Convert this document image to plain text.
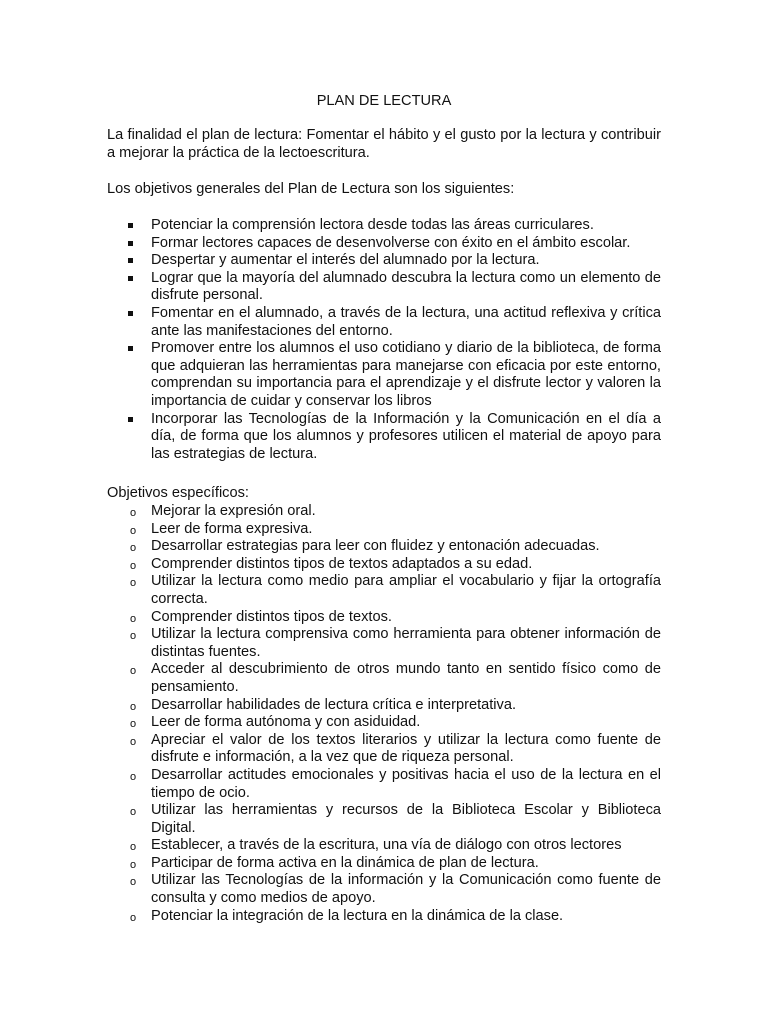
PLAN DE LECTURA

La finalidad el plan de lectura: Fomentar el hábito y el gusto por la lectura y contribuir a mejorar la práctica de la lectoescritura.

Los objetivos generales del Plan de Lectura son los siguientes:

Potenciar la comprensión lectora desde todas las áreas curriculares.
Formar lectores capaces de desenvolverse con éxito en el ámbito escolar.
Despertar y aumentar el interés del alumnado por la lectura.
Lograr que la mayoría del alumnado descubra la lectura como un elemento de disfrute personal.
Fomentar en el alumnado, a través de la lectura, una actitud reflexiva y crítica ante las manifestaciones del entorno.
Promover entre los alumnos el uso cotidiano y diario de la biblioteca, de forma que adquieran las herramientas para manejarse con eficacia por este entorno, comprendan su importancia para el aprendizaje y el disfrute lector y valoren la importancia de cuidar y conservar los libros
Incorporar las Tecnologías de la Información y la Comunicación en el día a día, de forma que los alumnos y profesores utilicen el material de apoyo para las estrategias de lectura.

Objetivos específicos:

o Mejorar la expresión oral.
o Leer de forma expresiva.
o Desarrollar estrategias para leer con fluidez y entonación adecuadas.
o Comprender distintos tipos de textos adaptados a su edad.
o Utilizar la lectura como medio para ampliar el vocabulario y fijar la ortografía correcta.
o Comprender distintos tipos de textos.
o Utilizar la lectura comprensiva como herramienta para obtener información de distintas fuentes.
o Acceder al descubrimiento de otros mundo tanto en sentido físico como de pensamiento.
o Desarrollar habilidades de lectura crítica e interpretativa.
o Leer de forma autónoma y con asiduidad.
o Apreciar el valor de los textos literarios y utilizar la lectura como fuente de disfrute e información, a la vez que de riqueza personal.
o Desarrollar actitudes emocionales y positivas hacia el uso de la lectura en el tiempo de ocio.
o Utilizar las herramientas y recursos de la Biblioteca Escolar y Biblioteca Digital.
o Establecer, a través de la escritura, una vía de diálogo con otros lectores
o Participar de forma activa en la dinámica de plan de lectura.
o Utilizar las Tecnologías de la información y la Comunicación como fuente de consulta y como medios de apoyo.
o Potenciar la integración de la lectura en la dinámica de la clase.
